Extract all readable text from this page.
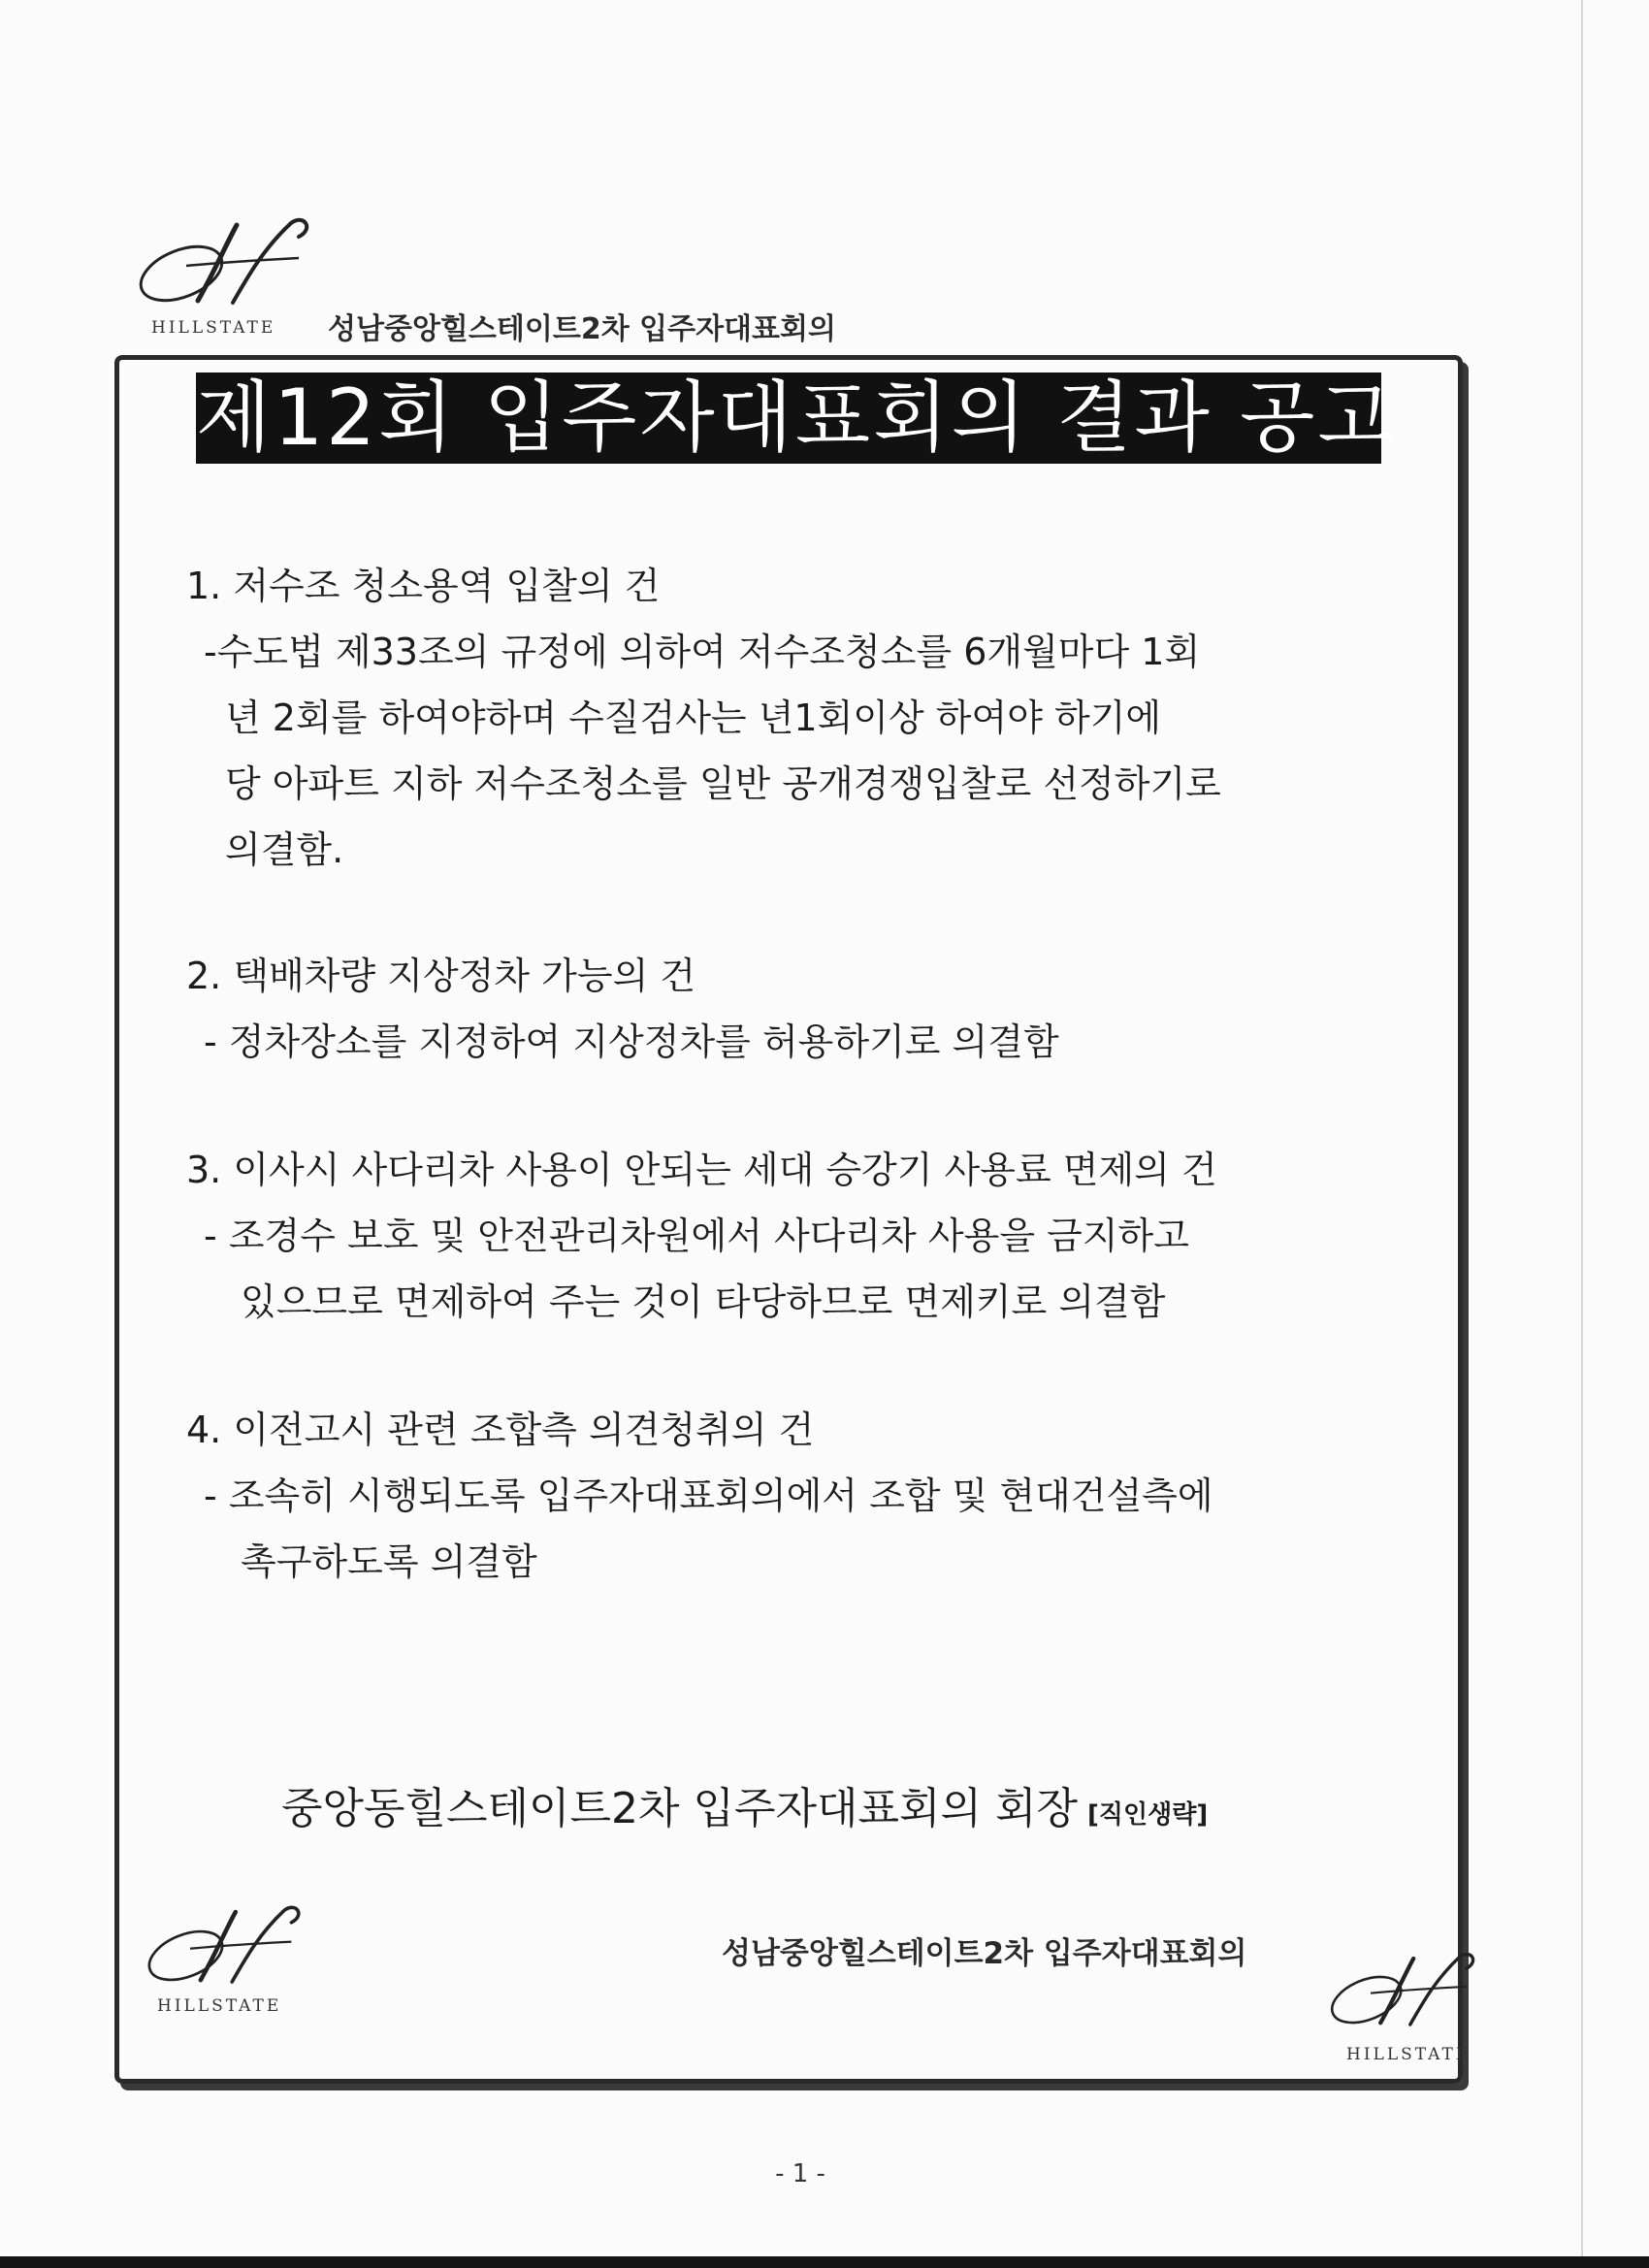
HILLSTATE 성남중앙힐스테이트2차 입주자대표회의
제12회 입주자대표회의 결과 공고
1. 저수조 청소용역 입찰의 건
-수도법 제33조의 규정에 의하여 저수조청소를 6개월마다 1회
년 2회를 하여야하며 수질검사는 년1회이상 하여야 하기에
당 아파트 지하 저수조청소를 일반 공개경쟁입찰로 선정하기로
의결함.
2. 택배차량 지상정차 가능의 건
- 정차장소를 지정하여 지상정차를 허용하기로 의결함
3. 이사시 사다리차 사용이 안되는 세대 승강기 사용료 면제의 건
- 조경수 보호 및 안전관리차원에서 사다리차 사용을 금지하고
있으므로 면제하여 주는 것이 타당하므로 면제키로 의결함
4. 이전고시 관련 조합측 의견청취의 건
- 조속히 시행되도록 입주자대표회의에서 조합 및 현대건설측에
촉구하도록 의결함
중앙동힐스테이트2차 입주자대표회의 회장 [직인생략]
HILLSTATE
성남중앙힐스테이트2차 입주자대표회의
HILLSTATE
- 1 -
